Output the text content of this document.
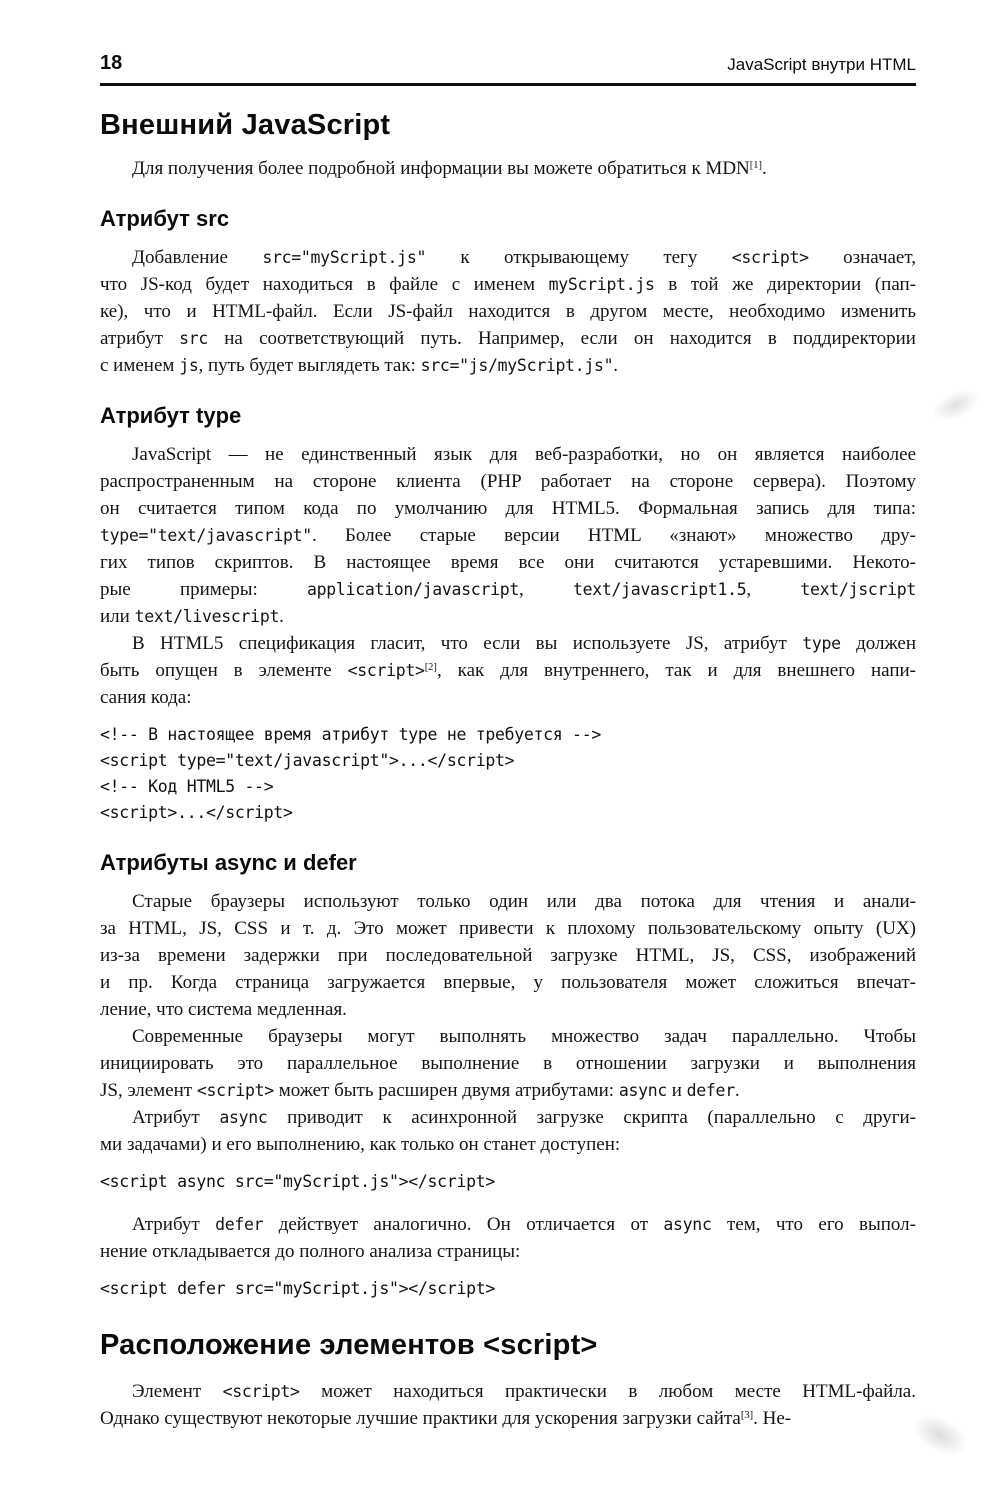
18	JavaScript внутри HTML
Внешний JavaScript
Для получения более подробной информации вы можете обратиться к MDN[1].
Атрибут src
Добавление src="myScript.js" к открывающему тегу <script> означает,
что JS-код будет находиться в файле с именем myScript.js в той же директории (пап-
ке), что и HTML-файл. Если JS-файл находится в другом месте, необходимо изменить
атрибут src на соответствующий путь. Например, если он находится в поддиректории
с именем js, путь будет выглядеть так: src="js/myScript.js".
Атрибут type
JavaScript — не единственный язык для веб-разработки, но он является наиболее
распространенным на стороне клиента (PHP работает на стороне сервера). Поэтому
он считается типом кода по умолчанию для HTML5. Формальная запись для типа:
type="text/javascript". Более старые версии HTML «знают» множество дру-
гих типов скриптов. В настоящее время все они считаются устаревшими. Некото-
рые примеры: application/javascript, text/javascript1.5, text/jscript
или text/livescript.
В HTML5 спецификация гласит, что если вы используете JS, атрибут type должен
быть опущен в элементе <script>[2], как для внутреннего, так и для внешнего напи-
сания кода:
<!-- В настоящее время атрибут type не требуется -->
<script type="text/javascript">...</script>
<!-- Код HTML5 -->
<script>...</script>
Атрибуты async и defer
Старые браузеры используют только один или два потока для чтения и анали-
за HTML, JS, CSS и т. д. Это может привести к плохому пользовательскому опыту (UX)
из-за времени задержки при последовательной загрузке HTML, JS, CSS, изображений
и пр. Когда страница загружается впервые, у пользователя может сложиться впечат-
ление, что система медленная.
Современные браузеры могут выполнять множество задач параллельно. Чтобы
инициировать это параллельное выполнение в отношении загрузки и выполнения
JS, элемент <script> может быть расширен двумя атрибутами: async и defer.
Атрибут async приводит к асинхронной загрузке скрипта (параллельно с други-
ми задачами) и его выполнению, как только он станет доступен:
<script async src="myScript.js"></script>
Атрибут defer действует аналогично. Он отличается от async тем, что его выпол-
нение откладывается до полного анализа страницы:
<script defer src="myScript.js"></script>
Расположение элементов <script>
Элемент <script> может находиться практически в любом месте HTML-файла.
Однако существуют некоторые лучшие практики для ускорения загрузки сайта[3]. Не-
